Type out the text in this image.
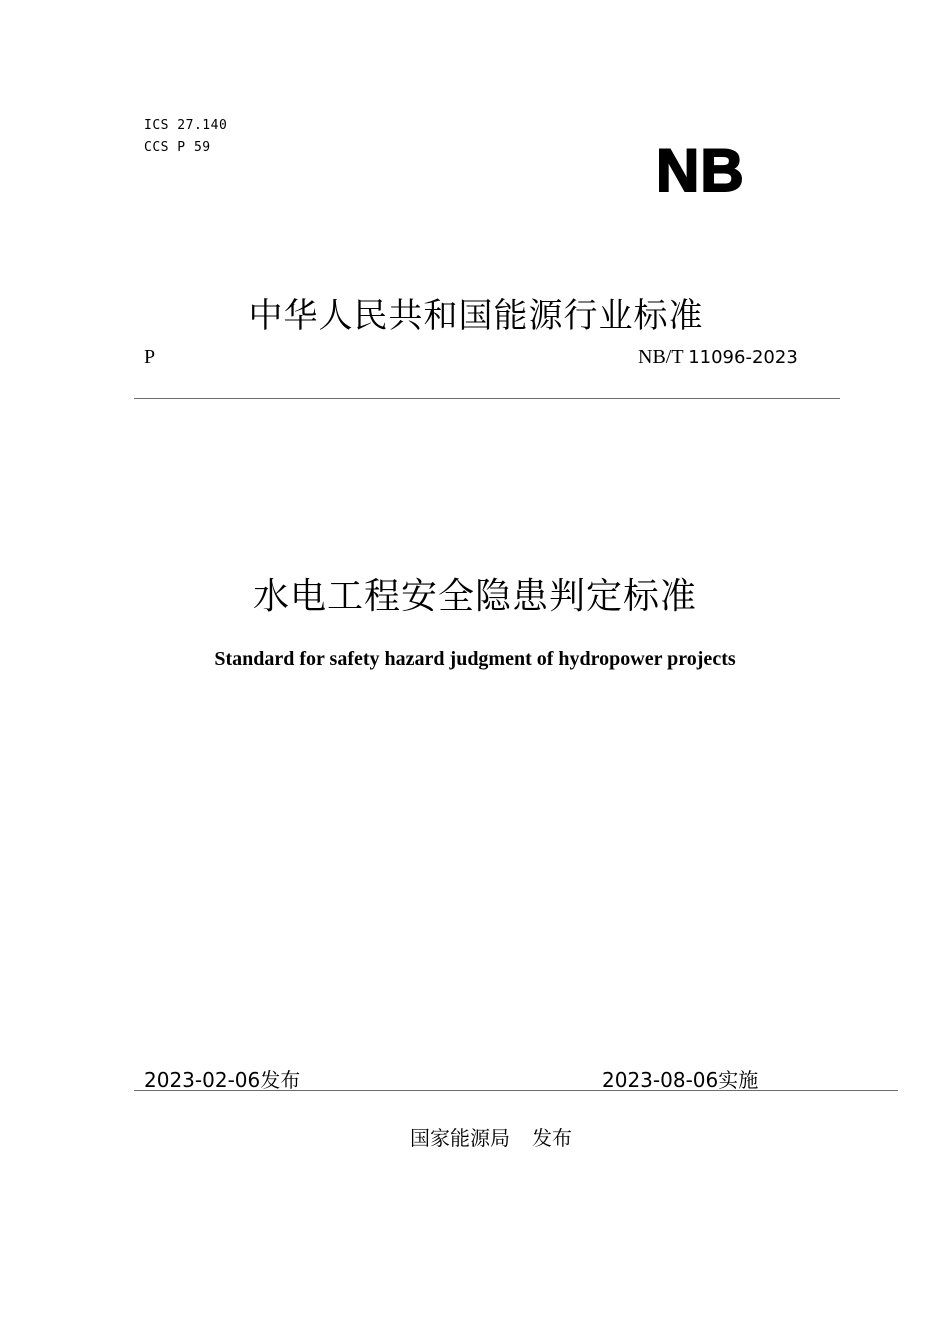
ICS 27.140
CCS P 59	NB
中华人民共和国能源行业标准
P	NB/T 11096-2023
水电工程安全隐患判定标准
Standard for safety hazard judgment of hydropower projects
2023-02-06发布	2023-08-06实施
国家能源局 发布
